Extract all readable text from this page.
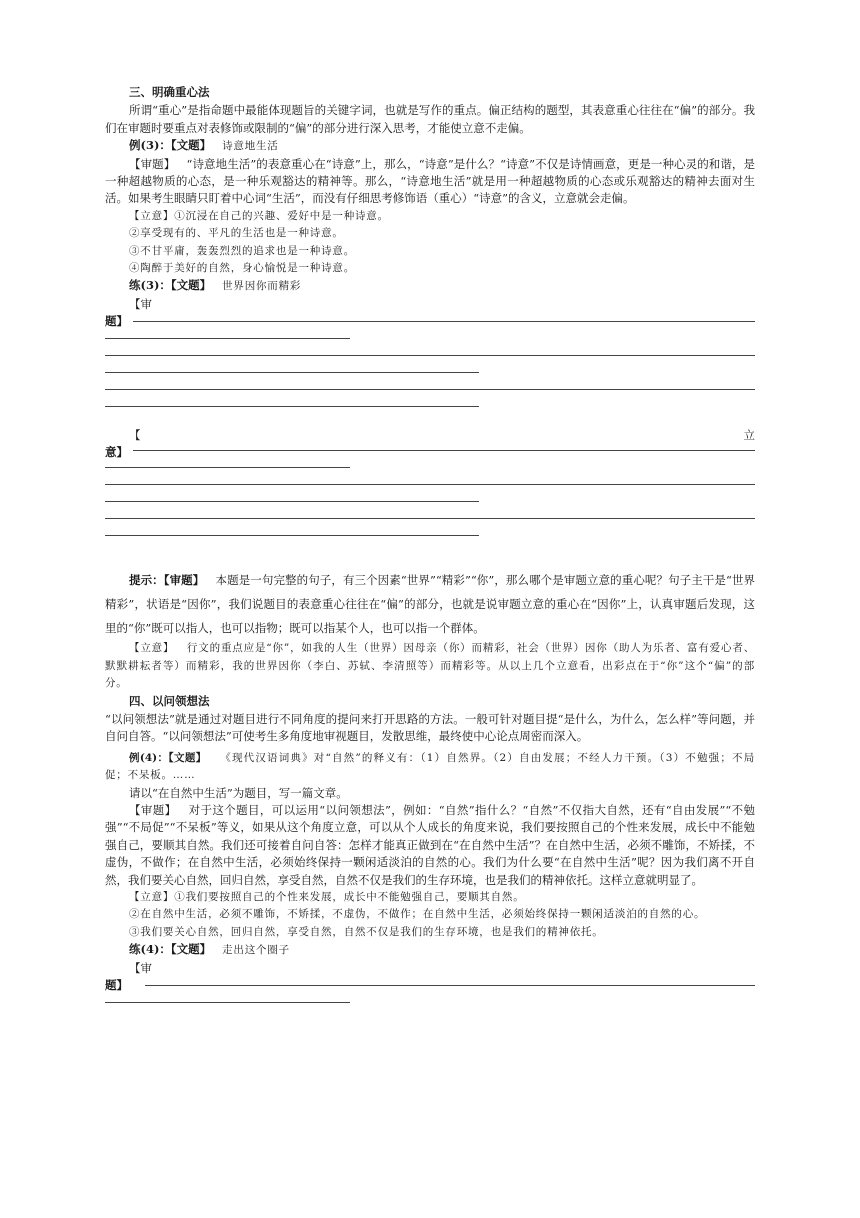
三、明确重心法

所谓“重心”是指命题中最能体现题旨的关键字词，也就是写作的重点。偏正结构的题型，其表意重心往往在“偏”的部分。我们在审题时要重点对表修饰或限制的“偏”的部分进行深入思考，才能使立意不走偏。

例(3)：【文题】 诗意地生活

【审题】 “诗意地生活”的表意重心在“诗意”上，那么，“诗意”是什么？“诗意”不仅是诗情画意，更是一种心灵的和谐，是一种超越物质的心态，是一种乐观豁达的精神等。那么，“诗意地生活”就是用一种超越物质的心态或乐观豁达的精神去面对生活。如果考生眼睛只盯着中心词“生活”，而没有仔细思考修饰语（重心）“诗意”的含义，立意就会走偏。

【立意】①沉浸在自己的兴趣、爱好中是一种诗意。

②享受现有的、平凡的生活也是一种诗意。

③不甘平庸，轰轰烈烈的追求也是一种诗意。

④陶醉于美好的自然，身心愉悦是一种诗意。

练(3)：【文题】 世界因你而精彩

【审

题】
【	立
意】

提示：【审题】 本题是一句完整的句子，有三个因素“世界”“精彩”“你”，那么哪个是审题立意的重心呢？句子主干是“世界精彩”，状语是“因你”，我们说题目的表意重心往往在“偏”的部分，也就是说审题立意的重心在“因你”上，认真审题后发现，这里的“你”既可以指人，也可以指物；既可以指某个人，也可以指一个群体。

【立意】 行文的重点应是“你”，如我的人生（世界）因母亲（你）而精彩，社会（世界）因你（助人为乐者、富有爱心者、默默耕耘者等）而精彩，我的世界因你（李白、苏轼、李清照等）而精彩等。从以上几个立意看，出彩点在于“你”这个“偏”的部分。

四、以问领想法

“以问领想法”就是通过对题目进行不同角度的提问来打开思路的方法。一般可针对题目提“是什么，为什么，怎么样”等问题，并自问自答。“以问领想法”可使考生多角度地审视题目，发散思维，最终使中心论点周密而深入。

例(4)：【文题】 《现代汉语词典》对“自然”的释义有：（1）自然界。（2）自由发展；不经人力干预。（3）不勉强；不局促；不呆板。……

请以“在自然中生活”为题目，写一篇文章。

【审题】 对于这个题目，可以运用“以问领想法”，例如：“自然”指什么？“自然”不仅指大自然，还有“自由发展”“不勉强”“不局促”“不呆板”等义，如果从这个角度立意，可以从个人成长的角度来说，我们要按照自己的个性来发展，成长中不能勉强自己，要顺其自然。我们还可接着自问自答：怎样才能真正做到在“在自然中生活”？在自然中生活，必须不雕饰，不矫揉，不虚伪，不做作；在自然中生活，必须始终保持一颗闲适淡泊的自然的心。我们为什么要“在自然中生活”呢？因为我们离不开自然，我们要关心自然，回归自然，享受自然，自然不仅是我们的生存环境，也是我们的精神依托。这样立意就明显了。

【立意】①我们要按照自己的个性来发展，成长中不能勉强自己，要顺其自然。

②在自然中生活，必须不雕饰，不矫揉，不虚伪，不做作；在自然中生活，必须始终保持一颗闲适淡泊的自然的心。

③我们要关心自然，回归自然，享受自然，自然不仅是我们的生存环境，也是我们的精神依托。

练(4)：【文题】 走出这个圈子

【审

题】
